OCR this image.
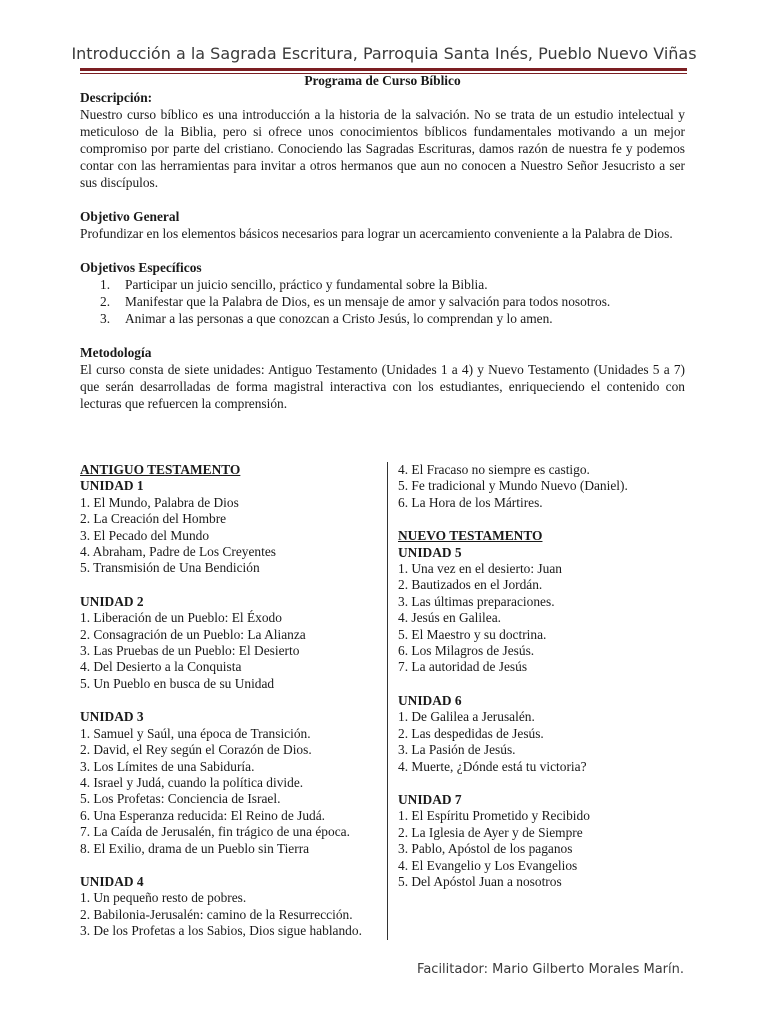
Introducción a la Sagrada Escritura, Parroquia Santa Inés, Pueblo Nuevo Viñas

Programa de Curso Bíblico

Descripción:

Nuestro curso bíblico es una introducción a la historia de la salvación. No se trata de un estudio intelectual y meticuloso de la Biblia, pero si ofrece unos conocimientos bíblicos fundamentales motivando a un mejor compromiso por parte del cristiano. Conociendo las Sagradas Escrituras, damos razón de nuestra fe y podemos contar con las herramientas para invitar a otros hermanos que aun no conocen a Nuestro Señor Jesucristo a ser sus discípulos.

Objetivo General

Profundizar en los elementos básicos necesarios para lograr un acercamiento conveniente a la Palabra de Dios.

Objetivos Específicos

1. Participar un juicio sencillo, práctico y fundamental sobre la Biblia.
2. Manifestar que la Palabra de Dios, es un mensaje de amor y salvación para todos nosotros.
3. Animar a las personas a que conozcan a Cristo Jesús, lo comprendan y lo amen.

Metodología

El curso consta de siete unidades: Antiguo Testamento (Unidades 1 a 4) y Nuevo Testamento (Unidades 5 a 7) que serán desarrolladas de forma magistral interactiva con los estudiantes, enriqueciendo el contenido con lecturas que refuercen la comprensión.

ANTIGUO TESTAMENTO

UNIDAD 1

1. El Mundo, Palabra de Dios

2. La Creación del Hombre

3. El Pecado del Mundo

4. Abraham, Padre de Los Creyentes

5. Transmisión de Una Bendición

UNIDAD 2

1. Liberación de un Pueblo: El Éxodo

2. Consagración de un Pueblo: La Alianza

3. Las Pruebas de un Pueblo: El Desierto

4. Del Desierto a la Conquista

5. Un Pueblo en busca de su Unidad

UNIDAD 3

1. Samuel y Saúl, una época de Transición.

2. David, el Rey según el Corazón de Dios.

3. Los Límites de una Sabiduría.

4. Israel y Judá, cuando la política divide.

5. Los Profetas: Conciencia de Israel.

6. Una Esperanza reducida: El Reino de Judá.

7. La Caída de Jerusalén, fin trágico de una época.

8. El Exilio, drama de un Pueblo sin Tierra

UNIDAD 4

1. Un pequeño resto de pobres.

2. Babilonia-Jerusalén: camino de la Resurrección.

3. De los Profetas a los Sabios, Dios sigue hablando.

4. El Fracaso no siempre es castigo.

5. Fe tradicional y Mundo Nuevo (Daniel).

6. La Hora de los Mártires.

NUEVO TESTAMENTO

UNIDAD 5

1. Una vez en el desierto: Juan

2. Bautizados en el Jordán.

3. Las últimas preparaciones.

4. Jesús en Galilea.

5. El Maestro y su doctrina.

6. Los Milagros de Jesús.

7. La autoridad de Jesús

UNIDAD 6

1. De Galilea a Jerusalén.

2. Las despedidas de Jesús.

3. La Pasión de Jesús.

4. Muerte, ¿Dónde está tu victoria?

UNIDAD 7

1. El Espíritu Prometido y Recibido

2. La Iglesia de Ayer y de Siempre

3. Pablo, Apóstol de los paganos

4. El Evangelio y Los Evangelios

5. Del Apóstol Juan a nosotros

Facilitador: Mario Gilberto Morales Marín.
